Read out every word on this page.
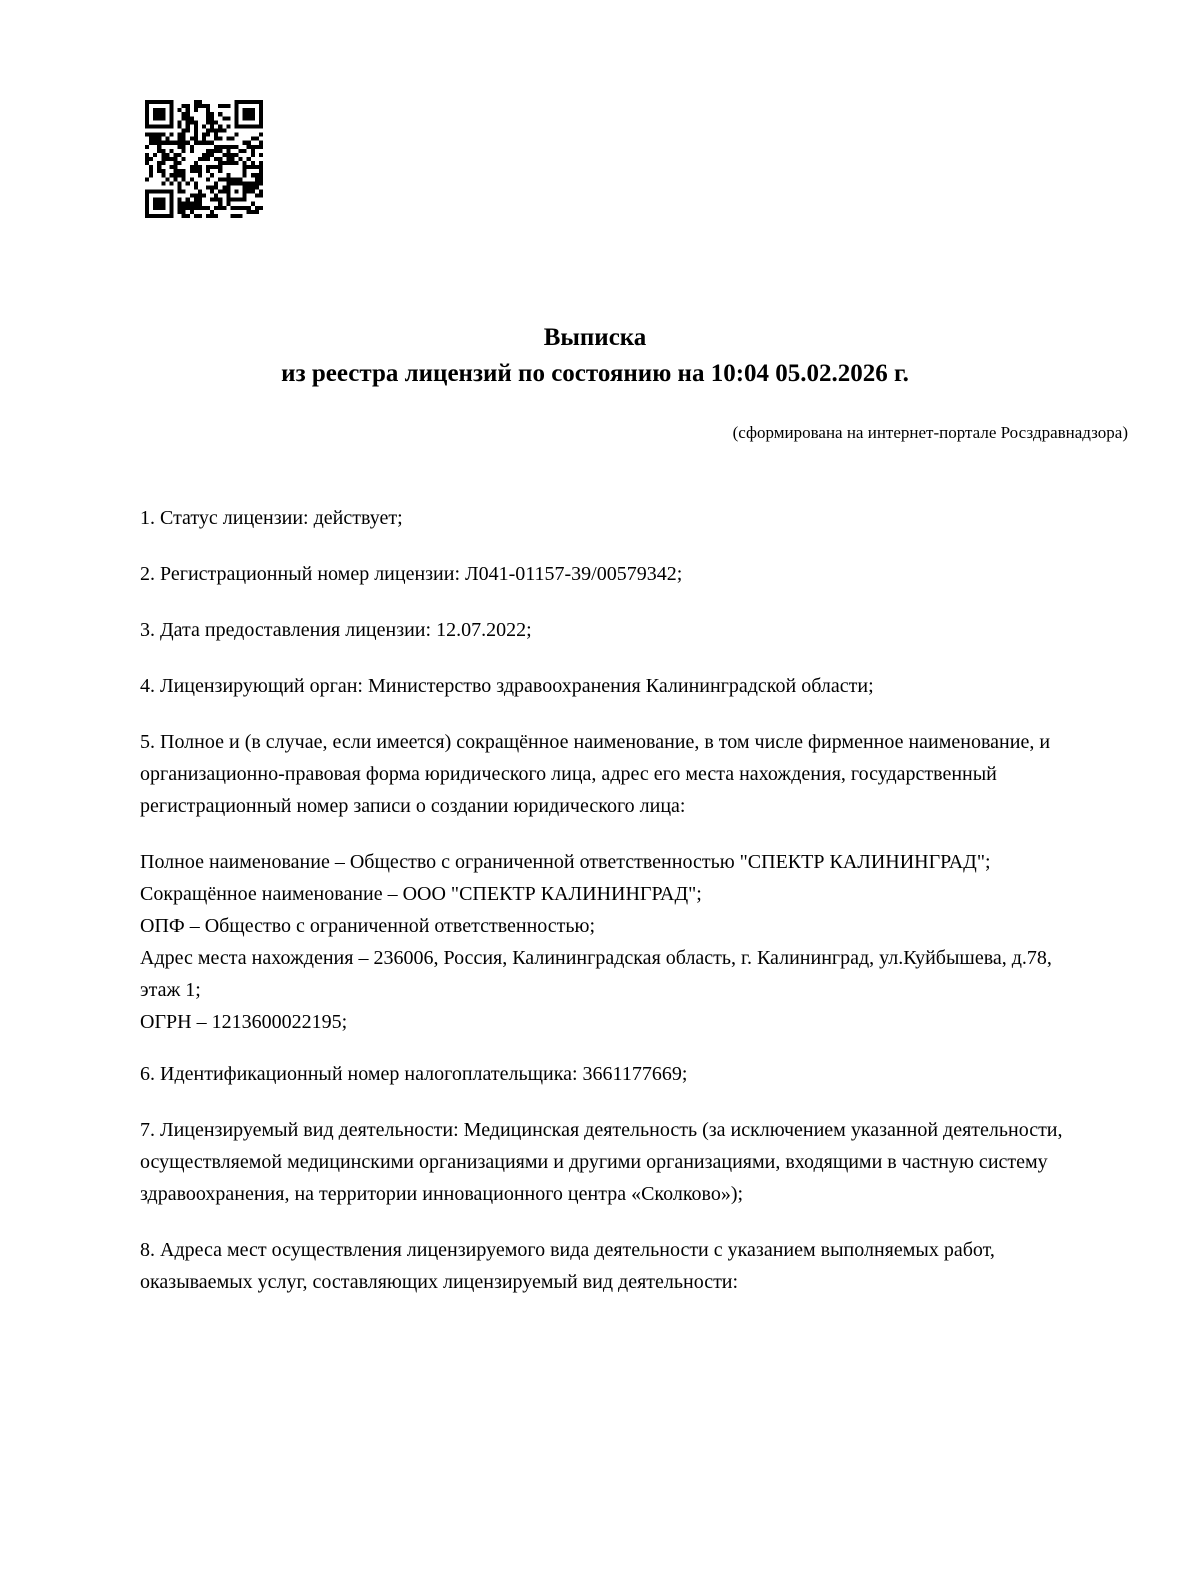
Выписка
из реестра лицензий по состоянию на 10:04 05.02.2026 г.
(сформирована на интернет-портале Росздравнадзора)

1. Статус лицензии: действует;

2. Регистрационный номер лицензии: Л041-01157-39/00579342;

3. Дата предоставления лицензии: 12.07.2022;

4. Лицензирующий орган: Министерство здравоохранения Калининградской области;

5. Полное и (в случае, если имеется) сокращённое наименование, в том числе фирменное наименование, и организационно-правовая форма юридического лица, адрес его места нахождения, государственный регистрационный номер записи о создании юридического лица:

Полное наименование – Общество с ограниченной ответственностью "СПЕКТР КАЛИНИНГРАД";
Сокращённое наименование – ООО "СПЕКТР КАЛИНИНГРАД";
ОПФ – Общество с ограниченной ответственностью;
Адрес места нахождения – 236006, Россия, Калининградская область, г. Калининград, ул.Куйбышева, д.78, этаж 1;
ОГРН – 1213600022195;

6. Идентификационный номер налогоплательщика: 3661177669;

7. Лицензируемый вид деятельности: Медицинская деятельность (за исключением указанной деятельности, осуществляемой медицинскими организациями и другими организациями, входящими в частную систему здравоохранения, на территории инновационного центра «Сколково»);

8. Адреса мест осуществления лицензируемого вида деятельности с указанием выполняемых работ, оказываемых услуг, составляющих лицензируемый вид деятельности:
